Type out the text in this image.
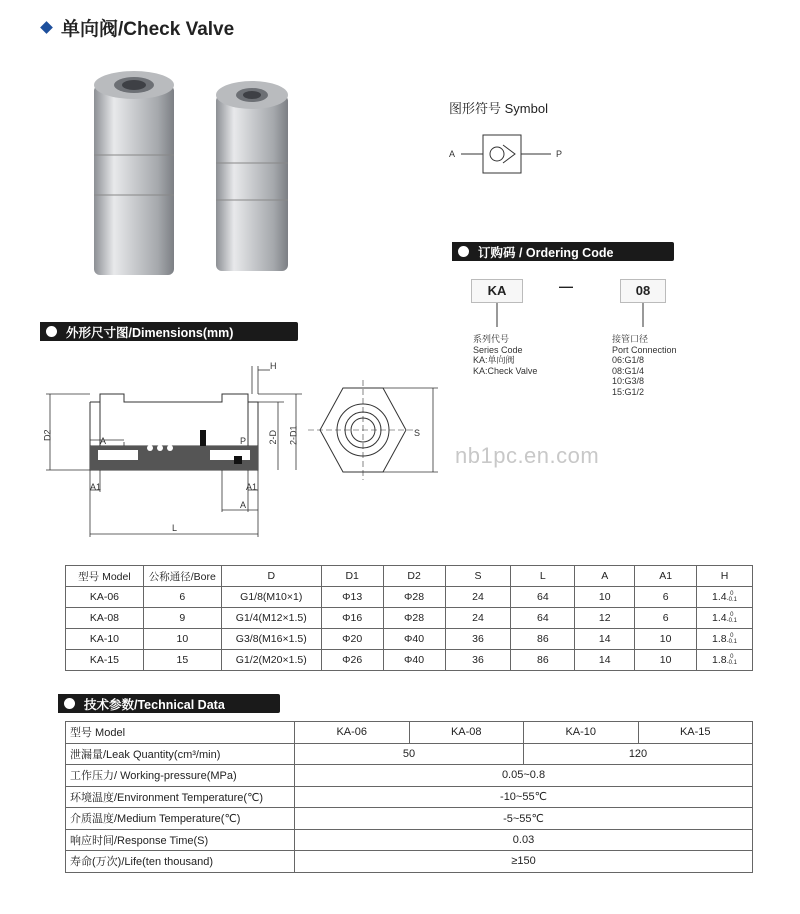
单向阀/Check Valve
图形符号 Symbol
A	P
订购码 / Ordering Code
KA	—	08
系列代号
Series Code
KA:单向阀
KA:Check Valve
接管口径
Port Connection
06:G1/8
08:G1/4
10:G3/8
15:G1/2
外形尺寸图/Dimensions(mm)
H
D2	2-D 2-D1
A	P
A1	A1
A
L
S
nb1pc.en.com
型号 Model	公称通径/Bore	D	D1	D2	S	L	A	A1	H
KA-06	6	G1/8(M10×1)	Φ13	Φ28	24	64	10	6	1.4 0
-0.1

KA-08	9	G1/4(M12×1.5)	Φ16	Φ28	24	64	12	6	1.4 0
-0.1

KA-10	10	G3/8(M16×1.5)	Φ20	Φ40	36	86	14	10	1.8 0
-0.1

KA-15	15	G1/2(M20×1.5)	Φ26	Φ40	36	86	14	10	1.8 0
-0.1
技术参数/Technical Data
型号 Model	KA-06	KA-08	KA-10	KA-15
泄漏量/Leak Quantity(cm³/min)	50		120	
工作压力/ Working-pressure(MPa)	0.05~0.8			
环境温度/Environment Temperature(℃)	-10~55℃			
介质温度/Medium Temperature(℃)	-5~55℃			
响应时间/Response Time(S)	0.03			
寿命(万次)/Life(ten thousand)	≥150			
